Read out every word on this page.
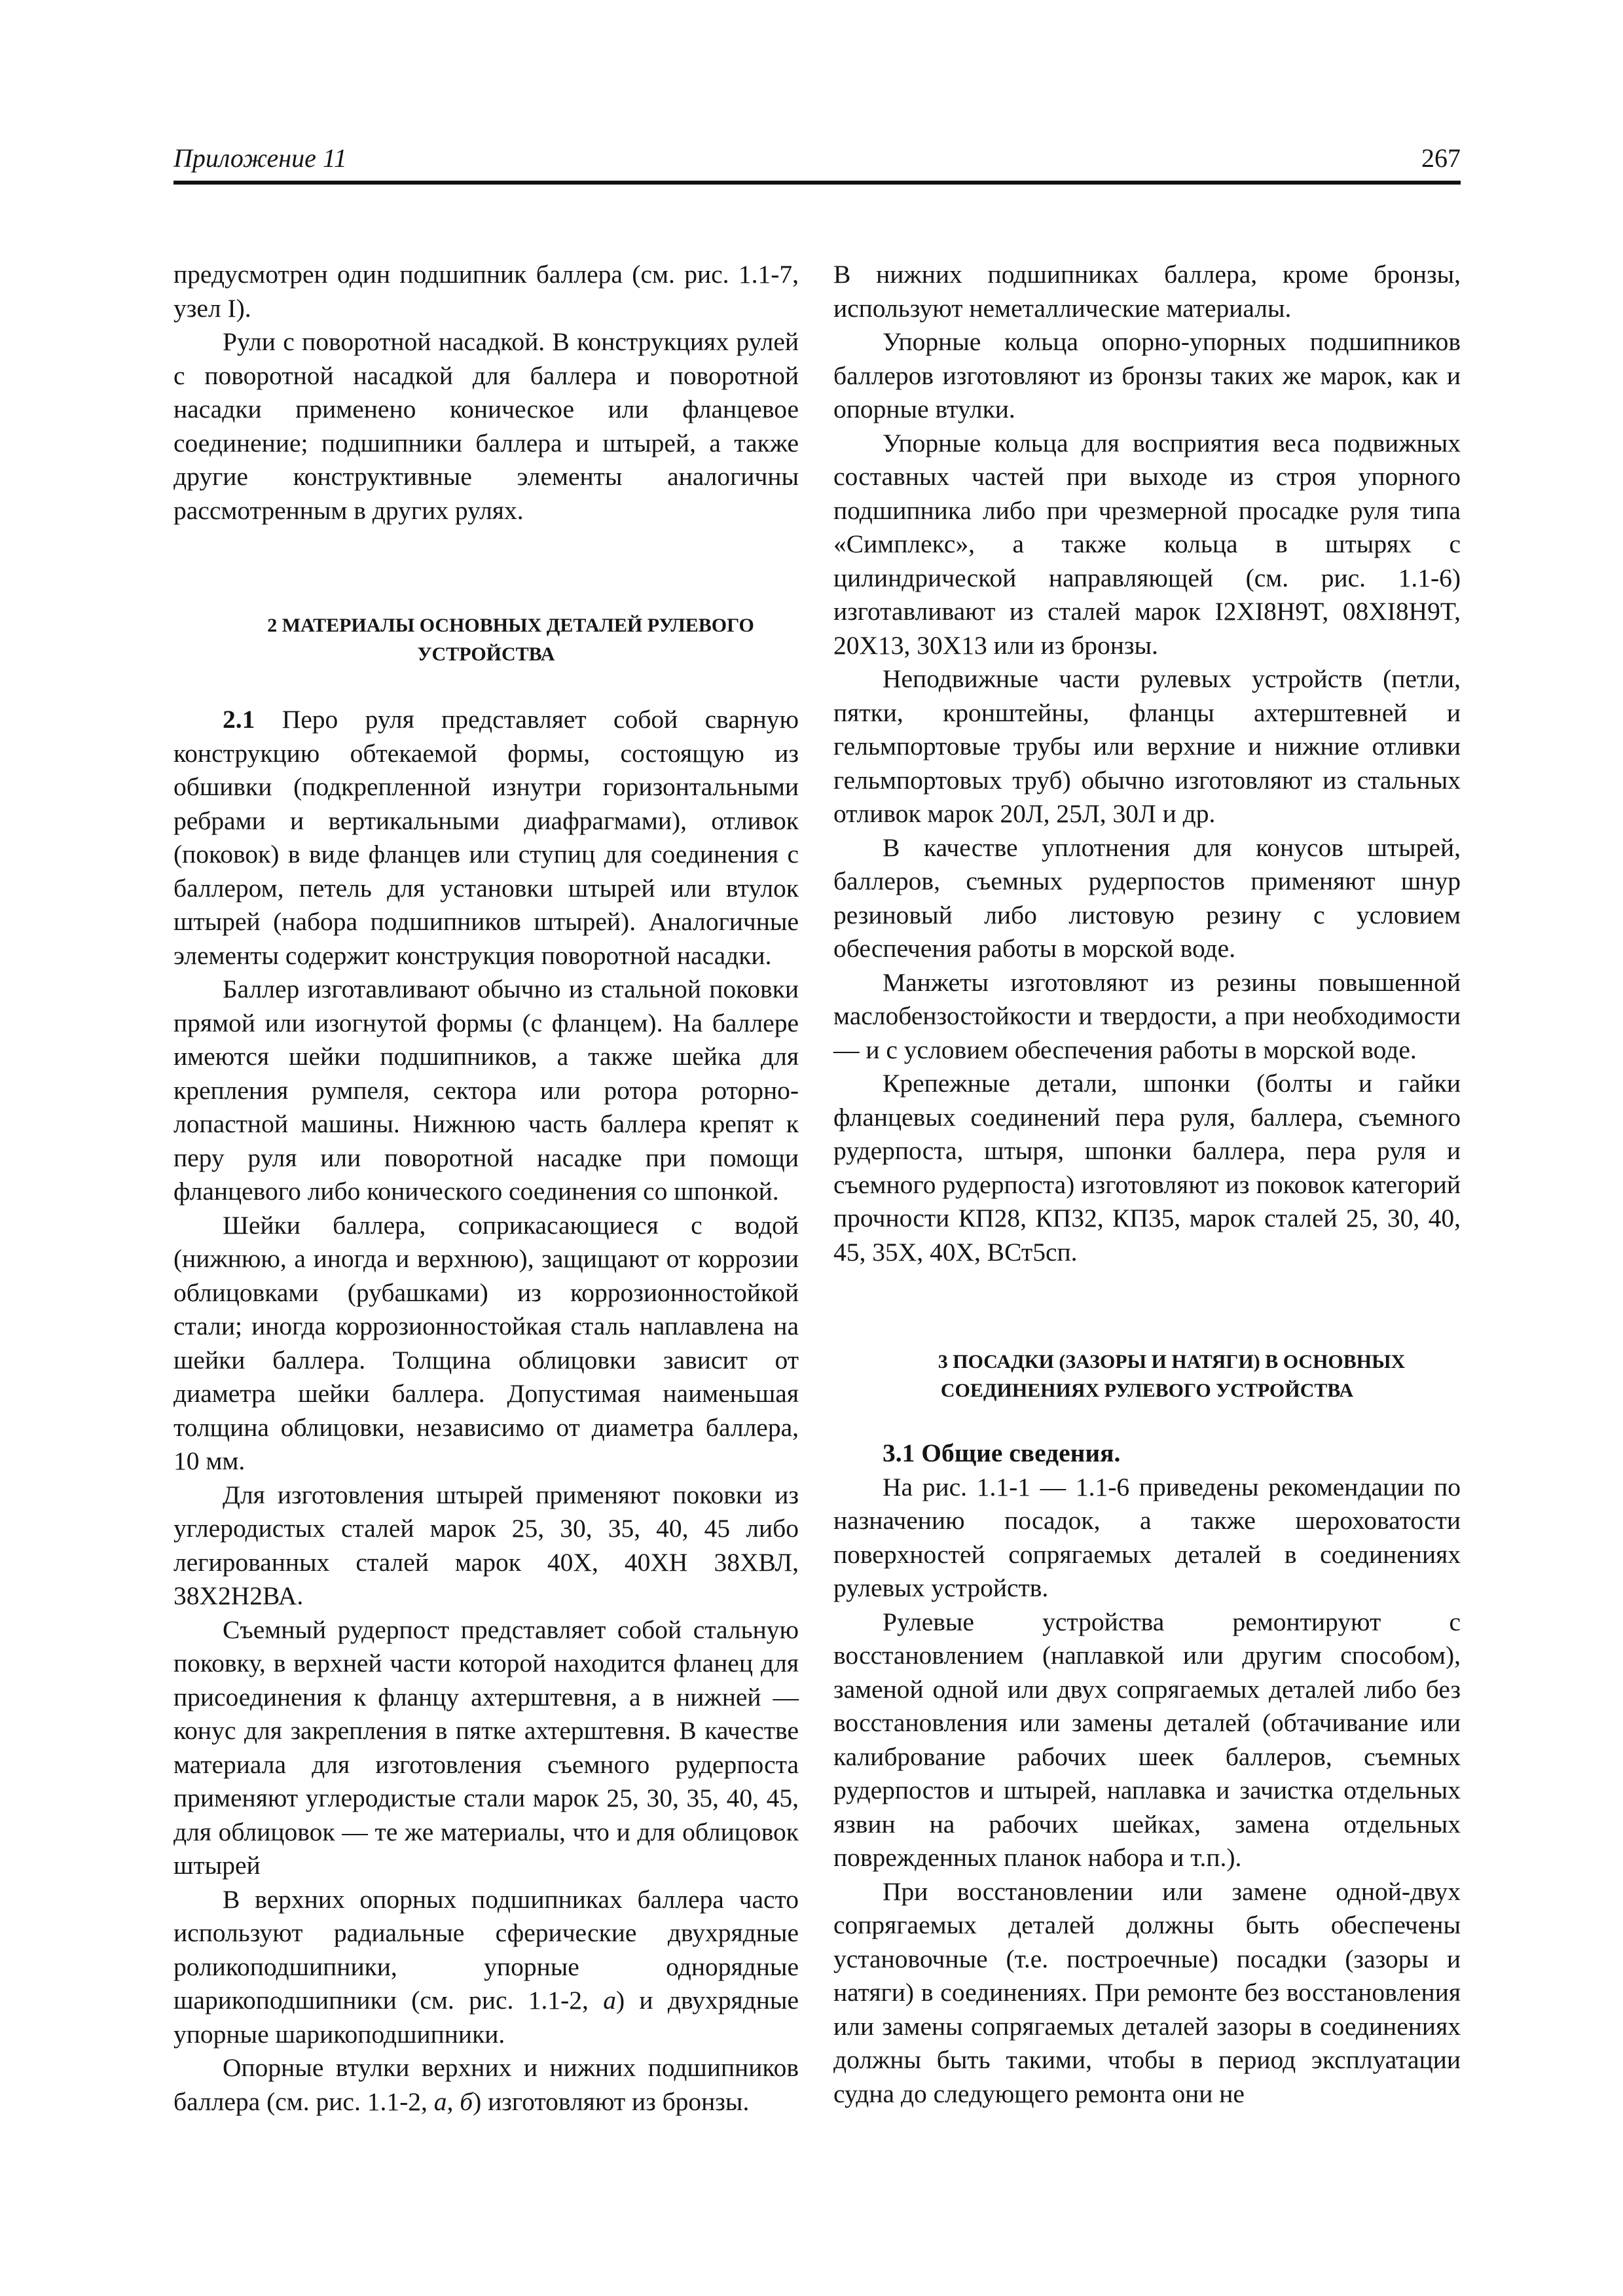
Приложение 11	267

предусмотрен один подшипник баллера (см. рис. 1.1-7, узел I).

Рули с поворотной насадкой. В конструкциях рулей с поворотной насадкой для баллера и поворотной насадки применено коническое или фланцевое соединение; подшипники баллера и штырей, а также другие конструктивные элементы аналогичны рассмотренным в других рулях.

2 МАТЕРИАЛЫ ОСНОВНЫХ ДЕТАЛЕЙ РУЛЕВОГО УСТРОЙСТВА

2.1 Перо руля представляет собой сварную конструкцию обтекаемой формы, состоящую из обшивки (подкрепленной изнутри горизонтальными ребрами и вертикальными диафрагмами), отливок (поковок) в виде фланцев или ступиц для соединения с баллером, петель для установки штырей или втулок штырей (набора подшипников штырей). Аналогичные элементы содержит конструкция поворотной насадки.

Баллер изготавливают обычно из стальной поковки прямой или изогнутой формы (с фланцем). На баллере имеются шейки подшипников, а также шейка для крепления румпеля, сектора или ротора роторно-лопастной машины. Нижнюю часть баллера крепят к перу руля или поворотной насадке при помощи фланцевого либо конического соединения со шпонкой.

Шейки баллера, соприкасающиеся с водой (нижнюю, а иногда и верхнюю), защищают от коррозии облицовками (рубашками) из коррозионностойкой стали; иногда коррозионностойкая сталь наплавлена на шейки баллера. Толщина облицовки зависит от диаметра шейки баллера. Допустимая наименьшая толщина облицовки, независимо от диаметра баллера, 10 мм.

Для изготовления штырей применяют поковки из углеродистых сталей марок 25, 30, 35, 40, 45 либо легированных сталей марок 40Х, 40ХН 38ХВЛ, 38Х2Н2ВА.

Съемный рудерпост представляет собой стальную поковку, в верхней части которой находится фланец для присоединения к фланцу ахтерштевня, а в нижней — конус для закрепления в пятке ахтерштевня. В качестве материала для изготовления съемного рудерпоста применяют углеродистые стали марок 25, 30, 35, 40, 45, для облицовок — те же материалы, что и для облицовок штырей

В верхних опорных подшипниках баллера часто используют радиальные сферические двухрядные роликоподшипники, упорные однорядные шарикоподшипники (см. рис. 1.1-2, а) и двухрядные упорные шарикоподшипники.

Опорные втулки верхних и нижних подшипников баллера (см. рис. 1.1-2, а, б) изготовляют из бронзы.

В нижних подшипниках баллера, кроме бронзы, используют неметаллические материалы.

Упорные кольца опорно-упорных подшипников баллеров изготовляют из бронзы таких же марок, как и опорные втулки.

Упорные кольца для восприятия веса подвижных составных частей при выходе из строя упорного подшипника либо при чрезмерной просадке руля типа «Симплекс», а также кольца в штырях с цилиндрической направляющей (см. рис. 1.1-6) изготавливают из сталей марок I2XI8H9T, 08XI8H9T, 20X13, 30X13 или из бронзы.

Неподвижные части рулевых устройств (петли, пятки, кронштейны, фланцы ахтерштевней и гельмпортовые трубы или верхние и нижние отливки гельмпортовых труб) обычно изготовляют из стальных отливок марок 20Л, 25Л, 30Л и др.

В качестве уплотнения для конусов штырей, баллеров, съемных рудерпостов применяют шнур резиновый либо листовую резину с условием обеспечения работы в морской воде.

Манжеты изготовляют из резины повышенной маслобензостойкости и твердости, а при необходимости — и с условием обеспечения работы в морской воде.

Крепежные детали, шпонки (болты и гайки фланцевых соединений пера руля, баллера, съемного рудерпоста, штыря, шпонки баллера, пера руля и съемного рудерпоста) изготовляют из поковок категорий прочности КП28, КП32, КП35, марок сталей 25, 30, 40, 45, 35Х, 40Х, ВСт5сп.

3 ПОСАДКИ (ЗАЗОРЫ И НАТЯГИ) В ОСНОВНЫХ СОЕДИНЕНИЯХ РУЛЕВОГО УСТРОЙСТВА

3.1 Общие сведения.

На рис. 1.1-1 — 1.1-6 приведены рекомендации по назначению посадок, а также шероховатости поверхностей сопрягаемых деталей в соединениях рулевых устройств.

Рулевые устройства ремонтируют с восстановлением (наплавкой или другим способом), заменой одной или двух сопрягаемых деталей либо без восстановления или замены деталей (обтачивание или калибрование рабочих шеек баллеров, съемных рудерпостов и штырей, наплавка и зачистка отдельных язвин на рабочих шейках, замена отдельных поврежденных планок набора и т.п.).

При восстановлении или замене одной-двух сопрягаемых деталей должны быть обеспечены установочные (т.е. построечные) посадки (зазоры и натяги) в соединениях. При ремонте без восстановления или замены сопрягаемых деталей зазоры в соединениях должны быть такими, чтобы в период эксплуатации судна до следующего ремонта они не
